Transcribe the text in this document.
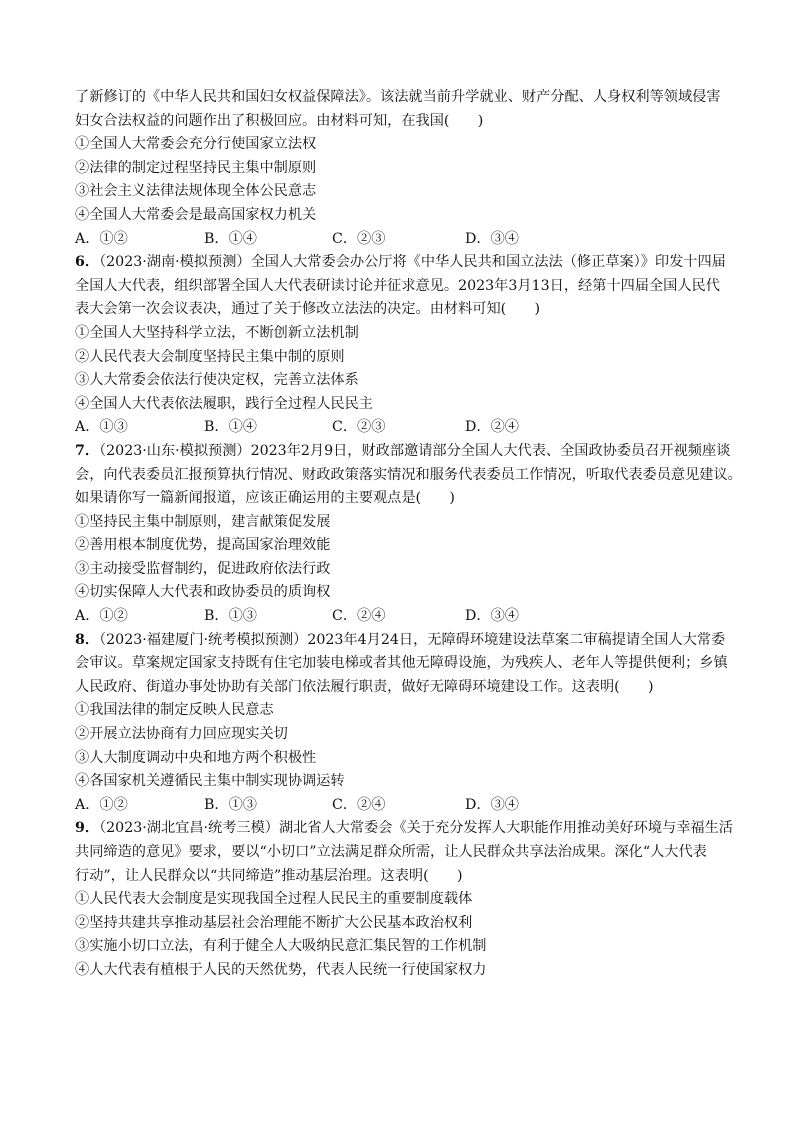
了新修订的《中华人民共和国妇女权益保障法》。该法就当前升学就业、财产分配、人身权利等领域侵害
妇女合法权益的问题作出了积极回应。由材料可知，在我国(　　)
①全国人大常委会充分行使国家立法权
②法律的制定过程坚持民主集中制原则
③社会主义法律法规体现全体公民意志
④全国人大常委会是最高国家权力机关
A．①②	B．①④	C．②③	D．③④
6．（2023·湖南·模拟预测）全国人大常委会办公厅将《中华人民共和国立法法（修正草案）》印发十四届
全国人大代表，组织部署全国人大代表研读讨论并征求意见。2023年3月13日，经第十四届全国人民代
表大会第一次会议表决，通过了关于修改立法法的决定。由材料可知(　　)
①全国人大坚持科学立法，不断创新立法机制
②人民代表大会制度坚持民主集中制的原则
③人大常委会依法行使决定权，完善立法体系
④全国人大代表依法履职，践行全过程人民民主
A．①③	B．①④	C．②③	D．②④
7．（2023·山东·模拟预测）2023年2月9日，财政部邀请部分全国人大代表、全国政协委员召开视频座谈
会，向代表委员汇报预算执行情况、财政政策落实情况和服务代表委员工作情况，听取代表委员意见建议。
如果请你写一篇新闻报道，应该正确运用的主要观点是(　　)
①坚持民主集中制原则，建言献策促发展
②善用根本制度优势，提高国家治理效能
③主动接受监督制约，促进政府依法行政
④切实保障人大代表和政协委员的质询权
A．①②	B．①③	C．②④	D．③④
8．（2023·福建厦门·统考模拟预测）2023年4月24日，无障碍环境建设法草案二审稿提请全国人大常委
会审议。草案规定国家支持既有住宅加装电梯或者其他无障碍设施，为残疾人、老年人等提供便利；乡镇
人民政府、街道办事处协助有关部门依法履行职责，做好无障碍环境建设工作。这表明(　　)
①我国法律的制定反映人民意志
②开展立法协商有力回应现实关切
③人大制度调动中央和地方两个积极性
④各国家机关遵循民主集中制实现协调运转
A．①②	B．①③	C．②④	D．③④
9．（2023·湖北宜昌·统考三模）湖北省人大常委会《关于充分发挥人大职能作用推动美好环境与幸福生活
共同缔造的意见》要求，要以“小切口”立法满足群众所需，让人民群众共享法治成果。深化“人大代表
行动”，让人民群众以“共同缔造”推动基层治理。这表明(　　)
①人民代表大会制度是实现我国全过程人民民主的重要制度载体
②坚持共建共享推动基层社会治理能不断扩大公民基本政治权利
③实施小切口立法，有利于健全人大吸纳民意汇集民智的工作机制
④人大代表有植根于人民的天然优势，代表人民统一行使国家权力
